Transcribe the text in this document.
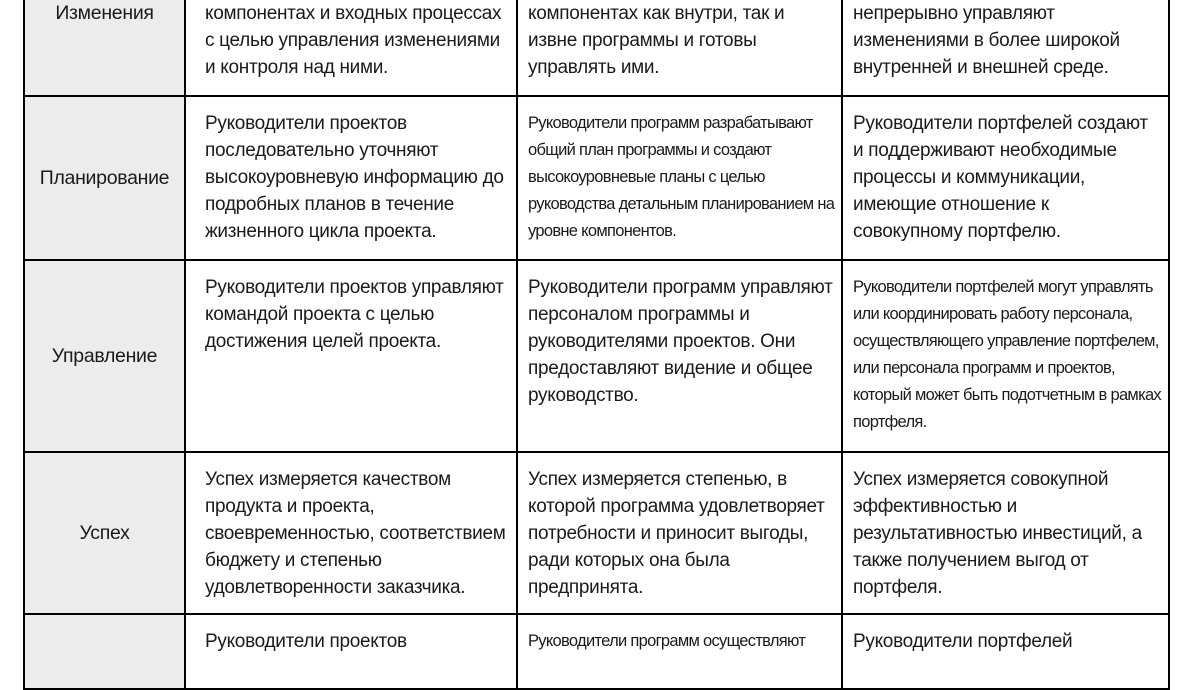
Изменения	компонентах и входных процессах с целью управления изменениями и контроля над ними.	компонентах как внутри, так и извне программы и готовы управлять ими.	непрерывно управляют изменениями в более широкой внутренней и внешней среде.

Планирование	Руководители проектов последовательно уточняют высокоуровневую информацию до подробных планов в течение жизненного цикла проекта.	Руководители программ разрабатывают общий план программы и создают высокоуровневые планы с целью руководства детальным планированием на уровне компонентов.	Руководители портфелей создают и поддерживают необходимые процессы и коммуникации, имеющие отношение к совокупному портфелю.
Управление	Руководители проектов управляют командой проекта с целью достижения целей проекта.	Руководители программ управляют персоналом программы и руководителями проектов. Они предоставляют видение и общее руководство.	Руководители портфелей могут управлять или координировать работу персонала, осуществляющего управление портфелем, или персонала программ и проектов, который может быть подотчетным в рамках портфеля.
Успех	Успех измеряется качеством продукта и проекта, своевременностью, соответствием бюджету и степенью удовлетворенности заказчика.	Успех измеряется степенью, в которой программа удовлетворяет потребности и приносит выгоды, ради которых она была предпринята.	Успех измеряется совокупной эффективностью и результативностью инвестиций, а также получением выгод от портфеля.
	Руководители проектов	Руководители программ осуществляют	Руководители портфелей
